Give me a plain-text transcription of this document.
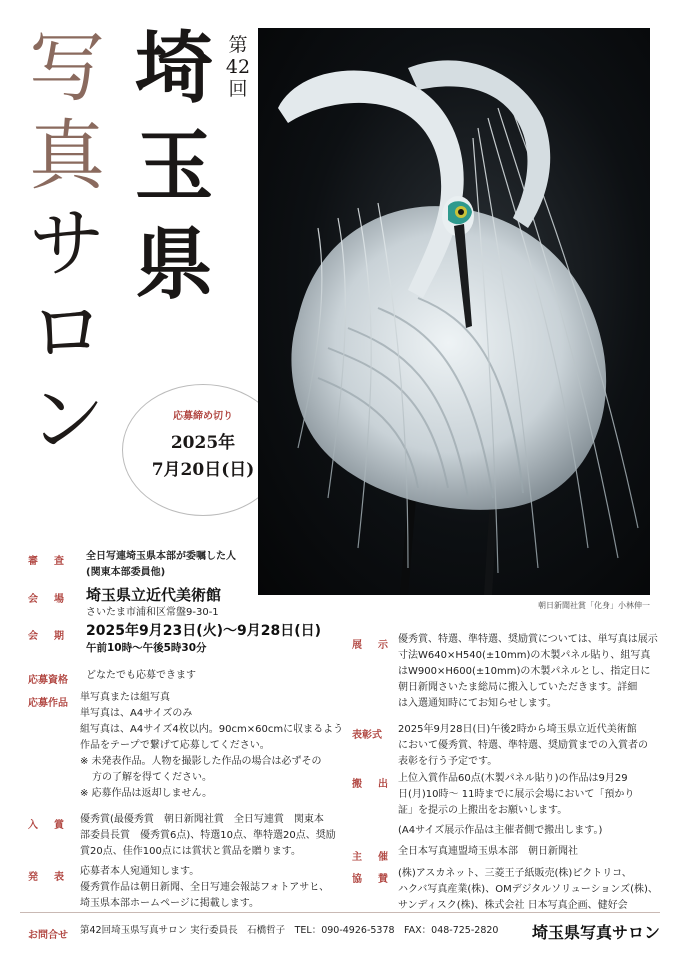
写
真
サ
ロ
ン
埼
玉
県
第
42
回
応募締め切り
2025年
7月20日(日)
朝日新聞社賞「化身」小林伸一
審　査 全日写連埼玉県本部が委嘱した人
(関東本部委員他)
会　場 埼玉県立近代美術館
さいたま市浦和区常盤9-30-1
会　期 2025年9月23日(火)〜9月28日(日)
午前10時〜午後5時30分
応募資格 どなたでも応募できます
応募作品
単写真または組写真
単写真は、A4サイズのみ
組写真は、A4サイズ4枚以内。90cm×60cmに収まるよう
作品をテープで繋げて応募してください。
※ 未発表作品。人物を撮影した作品の場合は必ずその
方の了解を得てください。
※ 応募作品は返却しません。
入　賞
優秀賞(最優秀賞　朝日新聞社賞　全日写連賞　関東本
部委員長賞　優秀賞6点)、特選10点、準特選20点、奨励
賞20点、佳作100点には賞状と賞品を贈ります。
発　表
応募者本人宛通知します。
優秀賞作品は朝日新聞、全日写連会報誌フォトアサヒ、
埼玉県本部ホームページに掲載します。
展　示
優秀賞、特選、準特選、奨励賞については、単写真は展示
寸法W640×H540(±10mm)の木製パネル貼り、組写真
はW900×H600(±10mm)の木製パネルとし、指定日に
朝日新聞さいたま総局に搬入していただきます。詳細
は入選通知時にてお知らせします。
表彰式
2025年9月28日(日)午後2時から埼玉県立近代美術館
において優秀賞、特選、準特選、奨励賞までの入賞者の
表彰を行う予定です。
搬　出
上位入賞作品60点(木製パネル貼り)の作品は9月29
日(月)10時〜 11時までに展示会場において「預かり
証」を提示の上搬出をお願いします。
(A4サイズ展示作品は主催者側で搬出します。)
主　催
全日本写真連盟埼玉県本部　朝日新聞社
協　賛
(株)アスカネット、三菱王子紙販売(株)ピクトリコ、
ハクバ写真産業(株)、OMデジタルソリューションズ(株)、
サンディスク(株)、株式会社 日本写真企画、健好会
お問合せ 第42回埼玉県写真サロン 実行委員長　石橋哲子　TEL：090-4926-5378　FAX：048-725-2820	埼玉県写真サロン
